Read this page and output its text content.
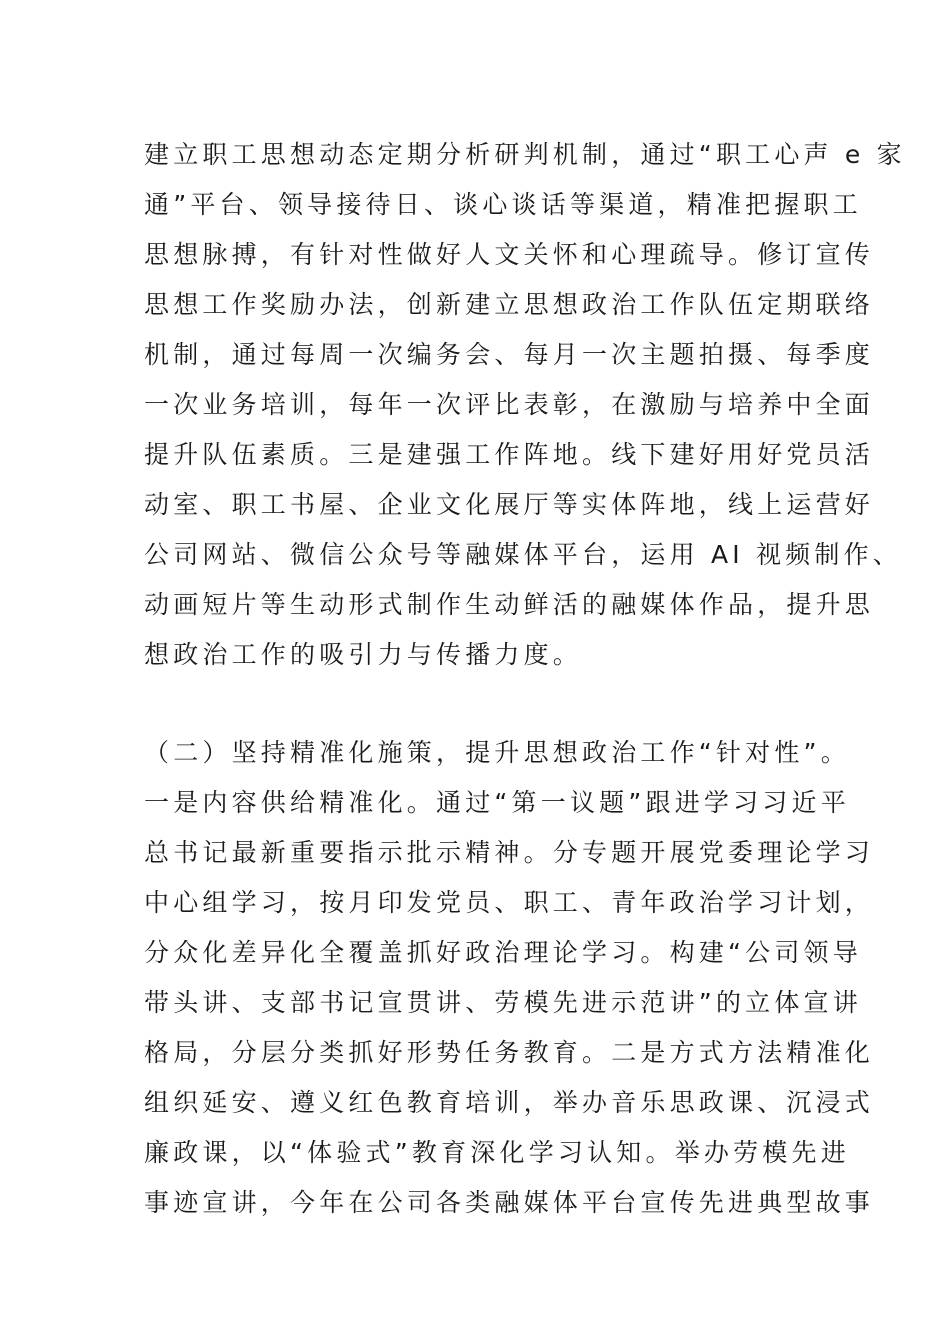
建立职工思想动态定期分析研判机制，通过“职工心声 e 家
通”平台、领导接待日、谈心谈话等渠道，精准把握职工
思想脉搏，有针对性做好人文关怀和心理疏导。修订宣传
思想工作奖励办法，创新建立思想政治工作队伍定期联络
机制，通过每周一次编务会、每月一次主题拍摄、每季度
一次业务培训，每年一次评比表彰，在激励与培养中全面
提升队伍素质。三是建强工作阵地。线下建好用好党员活
动室、职工书屋、企业文化展厅等实体阵地，线上运营好
公司网站、微信公众号等融媒体平台，运用 AI 视频制作、
动画短片等生动形式制作生动鲜活的融媒体作品，提升思
想政治工作的吸引力与传播力度。
（二）坚持精准化施策，提升思想政治工作“针对性”。
一是内容供给精准化。通过“第一议题”跟进学习习近平
总书记最新重要指示批示精神。分专题开展党委理论学习
中心组学习，按月印发党员、职工、青年政治学习计划，
分众化差异化全覆盖抓好政治理论学习。构建“公司领导
带头讲、支部书记宣贯讲、劳模先进示范讲”的立体宣讲
格局，分层分类抓好形势任务教育。二是方式方法精准化
组织延安、遵义红色教育培训，举办音乐思政课、沉浸式
廉政课，以“体验式”教育深化学习认知。举办劳模先进
事迹宣讲，今年在公司各类融媒体平台宣传先进典型故事
